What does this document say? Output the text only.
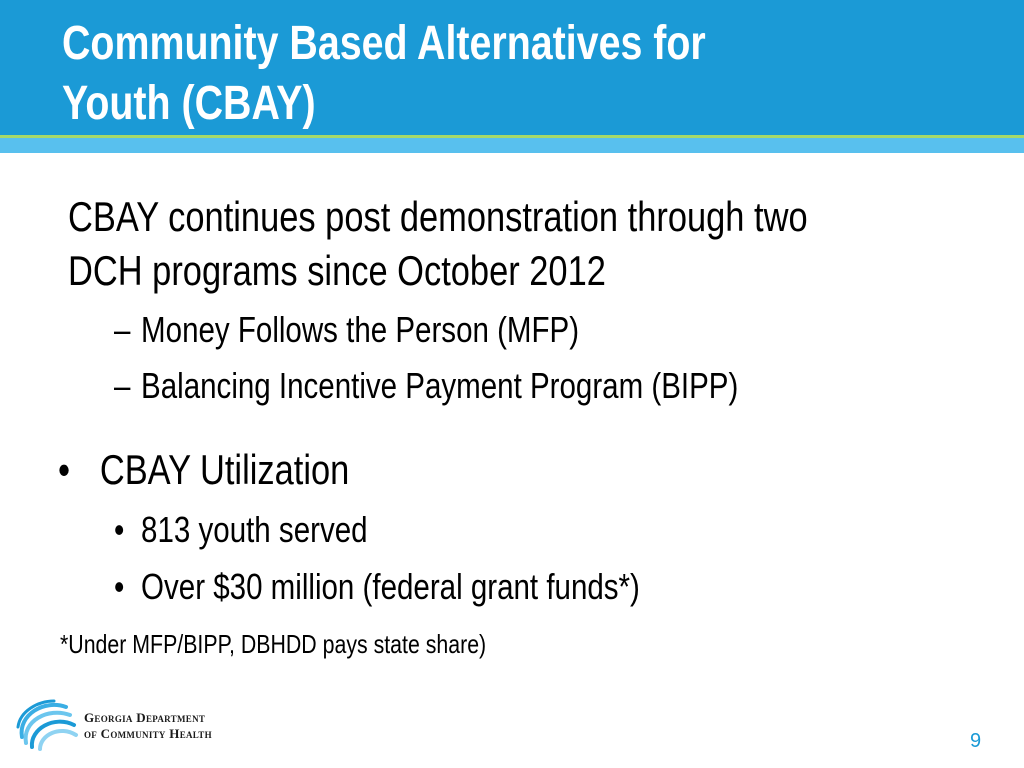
Community Based Alternatives for
Youth (CBAY)
CBAY continues post demonstration through two
DCH programs since October 2012
– Money Follows the Person (MFP)
– Balancing Incentive Payment Program (BIPP)
• CBAY Utilization
• 813 youth served
• Over $30 million (federal grant funds*)
*Under MFP/BIPP, DBHDD pays state share)
Georgia Department
of Community Health	9
